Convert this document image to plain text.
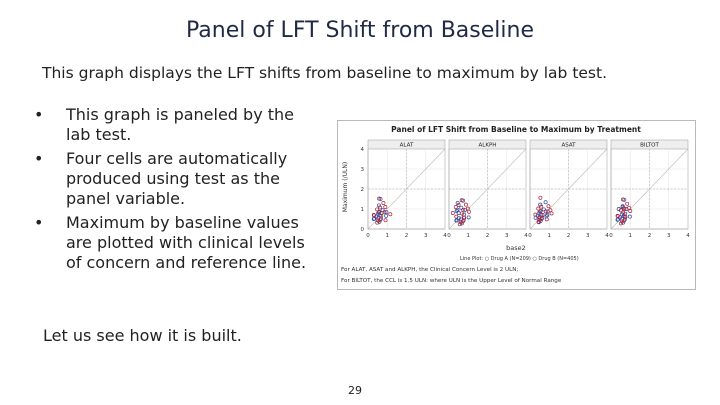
Panel of LFT Shift from Baseline
This graph displays the LFT shifts from baseline to maximum by lab test.
• This graph is paneled by the lab test.
• Four cells are automatically produced using test as the panel variable.
• Maximum by baseline values are plotted with clinical levels of concern and reference line.
Let us see how it is built.
29
Panel of LFT Shift from Baseline to Maximum by Treatment
Maximum (/ULN)
base2
Line Plot: ○ Drug A (N=209) ○ Drug B (N=405)
For ALAT, ASAT and ALKPH, the Clinical Concern Level is 2 ULN;
For BILTOT, the CCL is 1.5 ULN: where ULN is the Upper Level of Normal Range
ALAT
0	1	2	3	4
ALKPH
0	1	2	3	4
ASAT
0	1	2	3	4
BILTOT
0	1	2	3	4
0
1
2
3
4
